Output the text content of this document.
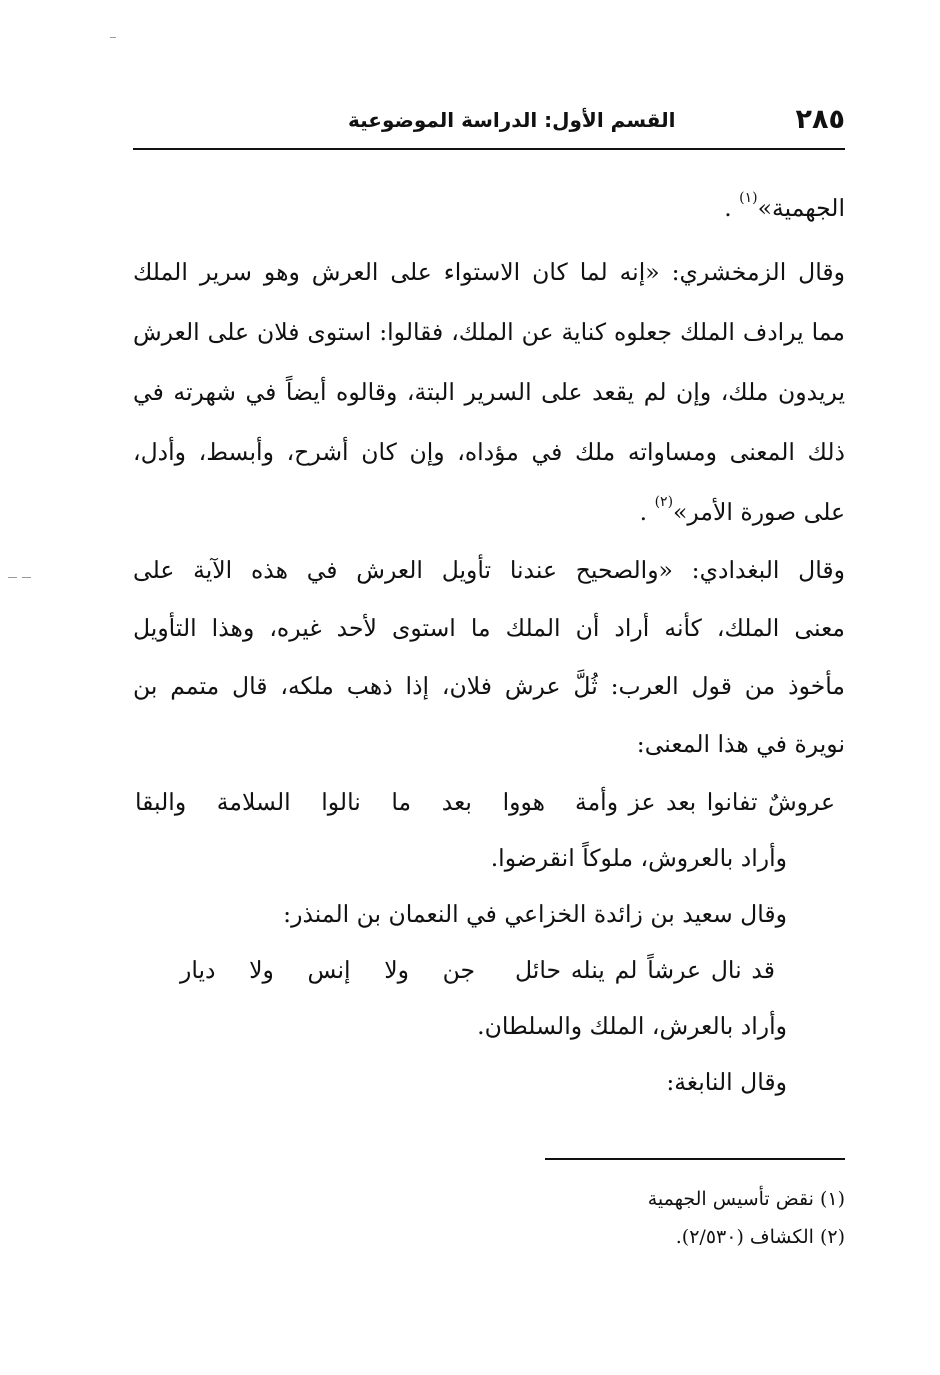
٢٨٥
القسم الأول: الدراسة الموضوعية
الجهمية»$^{(١)}$ .
وقال الزمخشري: «إنه لما كان الاستواء على العرش وهو سرير الملك
مما يرادف الملك جعلوه كناية عن الملك، فقالوا: استوى فلان على العرش
يريدون ملك، وإن لم يقعد على السرير البتة، وقالوه أيضاً في شهرته في
ذلك المعنى ومساواته ملك في مؤداه، وإن كان أشرح، وأبسط، وأدل،
على صورة الأمر»$^{(٢)}$ .
وقال البغدادي: «والصحيح عندنا تأويل العرش في هذه الآية على
معنى الملك، كأنه أراد أن الملك ما استوى لأحد غيره، وهذا التأويل
مأخوذ من قول العرب: ثُلَّ عرش فلان، إذا ذهب ملكه، قال متمم بن
نويرة في هذا المعنى:
عروشٌ تفانوا بعد عز وأمة
هووا بعد ما نالوا السلامة والبقا
وأراد بالعروش، ملوكاً انقرضوا.
وقال سعيد بن زائدة الخزاعي في النعمان بن المنذر:
قد نال عرشاً لم ينله حائل
جن ولا إنس ولا ديار
وأراد بالعرش، الملك والسلطان.
وقال النابغة:
(١) نقض تأسيس الجهمية
(٢) الكشاف (٢/٥٣٠).
